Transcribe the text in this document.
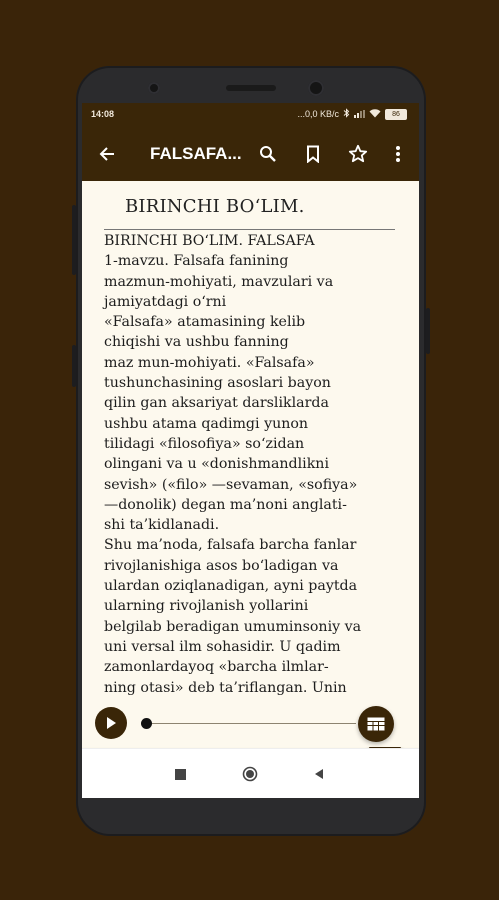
14:08	...0,0 KB/c	86
FALSAFA...
BIRINCHI BO‘LIM.
BIRINCHI BO‘LIM. FALSAFA
1-mavzu. Falsafa fanining
mazmun-mohiyati, mavzulari va
jamiyatdagi o‘rni
«Falsafa» atamasining kelib
chiqishi va ushbu fanning
maz mun-mohiyati. «Falsafa»
tushunchasining asoslari bayon
qilin gan aksariyat darsliklarda
ushbu atama qadimgi yunon
tilidagi «filosofiya» so‘zidan
olingani va u «donishmandlikni
sevish» («filo» —sevaman, «sofiya»
—donolik) degan ma’noni anglati-
shi ta’kidlanadi.
Shu ma’noda, falsafa barcha fanlar
rivojlanishiga asos bo‘ladigan va
ulardan oziqlanadigan, ayni paytda
ularning rivojlanish yollarini
belgilab beradigan umuminsoniy va
uni versal ilm sohasidir. U qadim
zamonlardayoq «barcha ilmlar-
ning otasi» deb ta’riflangan. Unin
